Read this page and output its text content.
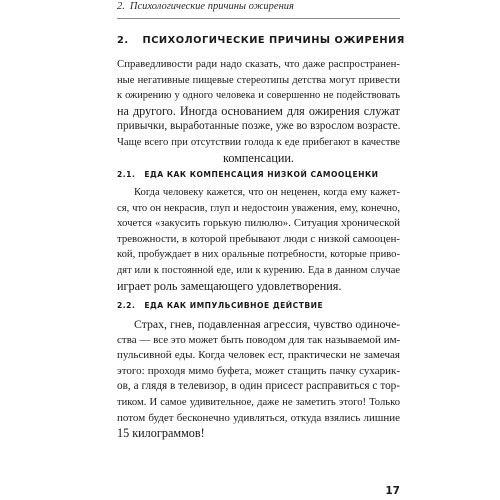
2. Психологические причины ожирения
2. ПСИХОЛОГИЧЕСКИЕ ПРИЧИНЫ ОЖИРЕНИЯ
Справедливости ради надо сказать, что даже распространен-
ные негативные пищевые стереотипы детства могут привести
к ожирению у одного человека и совершенно не подействовать
на другого. Иногда основанием для ожирения служат
привычки, выработанные позже, уже во взрослом возрасте.
Чаще всего при отсутствии голода к еде прибегают в качестве
компенсации.
2.1. ЕДА КАК КОМПЕНСАЦИЯ НИЗКОЙ САМООЦЕНКИ
Когда человеку кажется, что он неценен, когда ему кажет-
ся, что он некрасив, глуп и недостоин уважения, ему, конечно,
хочется «закусить горькую пилюлю». Ситуация хронической
тревожности, в которой пребывают люди с низкой самооцен-
кой, пробуждает в них оральные потребности, которые приво-
дят или к постоянной еде, или к курению. Еда в данном случае
играет роль замещающего удовлетворения.
2.2. ЕДА КАК ИМПУЛЬСИВНОЕ ДЕЙСТВИЕ
Страх, гнев, подавленная агрессия, чувство одиноче-
ства — все это может быть поводом для так называемой им-
пульсивной еды. Когда человек ест, практически не замечая
этого: проходя мимо буфета, может стащить пачку сухарик-
ов, а глядя в телевизор, в один присест расправиться с тор-
тиком. И самое удивительное, даже не заметить этого! Только
потом будет бесконечно удивляться, откуда взялись лишние
15 килограммов!
17
